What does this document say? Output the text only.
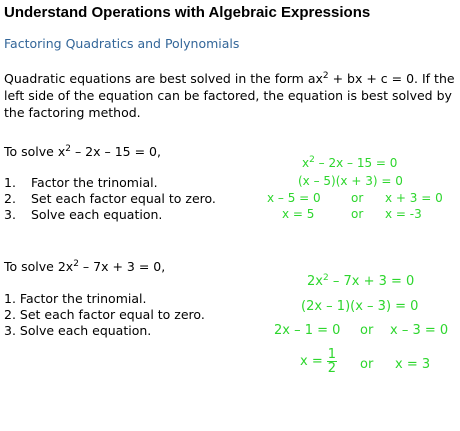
Understand Operations with Algebraic Expressions
Factoring Quadratics and Polynomials
Quadratic equations are best solved in the form $ax^2$ + bx + c = 0. If the left side of the equation can be factored, the equation is best solved by the factoring method.
To solve $x^2 - 2x - 15 = 0$,
1. Factor the trinomial.
2. Set each factor equal to zero.
3. Solve each equation.
$x^2 - 2x - 15 = 0$
(x – 5)(x + 3) = 0
x – 5 = 0	or x + 3 = 0
x = 5	or x = -3
To solve $2x^2 - 7x + 3 = 0$,
1. Factor the trinomial.
2. Set each factor equal to zero.
3. Solve each equation.
$2x^2 - 7x + 3 = 0$
(2x – 1)(x – 3) = 0
2x – 1 = 0 or x – 3 = 0
$x = \frac{1}{2}$ or x = 3
